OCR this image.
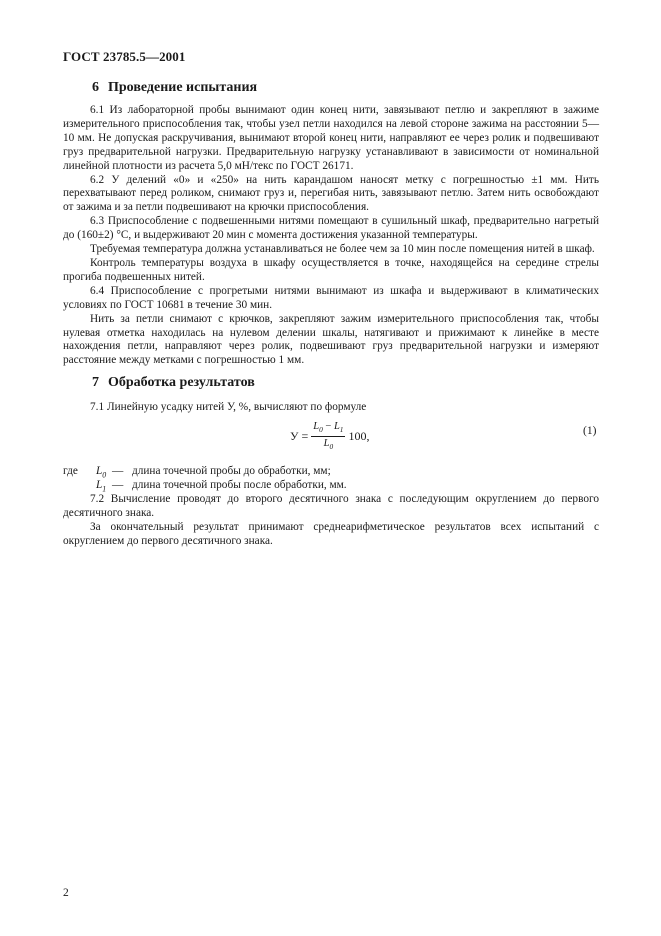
ГОСТ 23785.5—2001
6 Проведение испытания

6.1 Из лабораторной пробы вынимают один конец нити, завязывают петлю и закрепляют в зажиме измерительного приспособления так, чтобы узел петли находился на левой стороне зажима на расстоянии 5—10 мм. Не допуская раскручивания, вынимают второй конец нити, направляют ее через ролик и подвешивают груз предварительной нагрузки. Предварительную нагрузку устанавливают в зависимости от номинальной линейной плотности из расчета 5,0 мН/текс по ГОСТ 26171.

6.2 У делений «0» и «250» на нить карандашом наносят метку с погрешностью ±1 мм. Нить перехватывают перед роликом, снимают груз и, перегибая нить, завязывают петлю. Затем нить освобождают от зажима и за петли подвешивают на крючки приспособления.

6.3 Приспособление с подвешенными нитями помещают в сушильный шкаф, предварительно нагретый до (160±2) °С, и выдерживают 20 мин с момента достижения указанной температуры.

Требуемая температура должна устанавливаться не более чем за 10 мин после помещения нитей в шкаф.

Контроль температуры воздуха в шкафу осуществляется в точке, находящейся на середине стрелы прогиба подвешенных нитей.

6.4 Приспособление с прогретыми нитями вынимают из шкафа и выдерживают в климатических условиях по ГОСТ 10681 в течение 30 мин.

Нить за петли снимают с крючков, закрепляют зажим измерительного приспособления так, чтобы нулевая отметка находилась на нулевом делении шкалы, натягивают и прижимают к линейке в месте нахождения петли, направляют через ролик, подвешивают груз предварительной нагрузки и измеряют расстояние между метками с погрешностью 1 мм.

7 Обработка результатов

7.1 Линейную усадку нитей У, %, вычисляют по формуле

$У = \frac{L_0 - L_1}{L_0} 100$,	(1)
где $L_0$ — длина точечной пробы до обработки, мм;
$L_1$ — длина точечной пробы после обработки, мм.

7.2 Вычисление проводят до второго десятичного знака с последующим округлением до первого десятичного знака.

За окончательный результат принимают среднеарифметическое результатов всех испытаний с округлением до первого десятичного знака.

2
